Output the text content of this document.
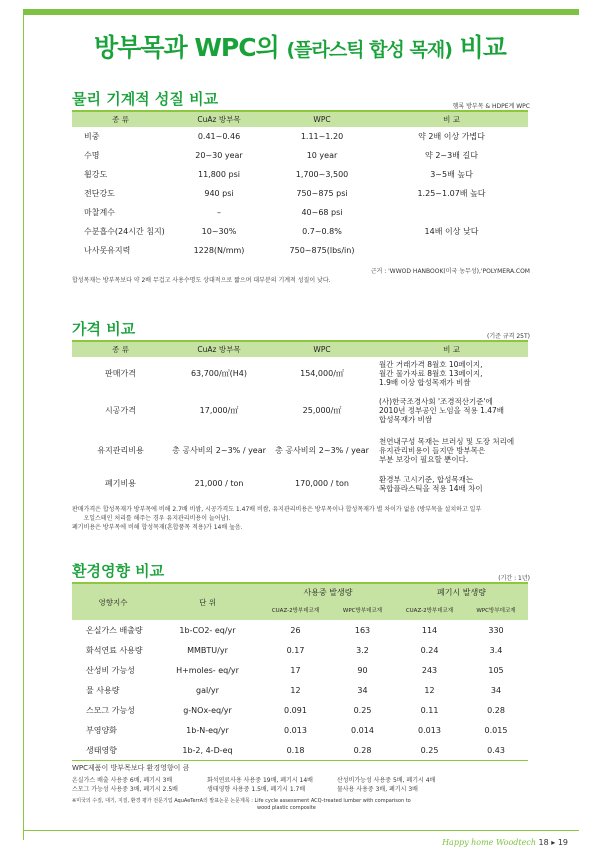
방부목과 WPC의 (플라스틱 합성 목재) 비교
물리 기계적 성질 비교	헴록 방부목 & HDPE계 WPC
종 류	CuAz 방부목	WPC	비 교
비중	0.41~0.46	1.11~1.20	약 2배 이상 가볍다
수명	20~30 year	10 year	약 2~3배 길다
휨강도	11,800 psi	1,700~3,500	3~5배 높다
전단강도	940 psi	750~875 psi	1.25~1.07배 높다
마찰계수	–	40~68 psi	
수분흡수(24시간 침지)	10~30%	0.7~0.8%	14배 이상 낮다
나사못유지력	1228(N/mm)	750~875(lbs/in)	
근거 : 'WWOD HANBOOK(미국 농무성),'POLYMERA.COM
합성목재는 방부목보다 약 2배 무겁고 사용수명도 상대적으로 짧으며 대부분의 기계적 성질이 낮다.
가격 비교	(기준 규격 25T)
종 류	CuAz 방부목	WPC	비 교
판매가격	63,700/㎥(H4)	154,000/㎡	월간 거래가격 8월호 10페이지,
월간 물가자료 8월호 13페이지,
1.9배 이상 합성목재가 비쌈

시공가격	17,000/㎡	25,000/㎡	(사)한국조경사회 '조경적산기준'에
2010년 정부공인 노임을 적용 1.47배
합성목재가 비쌈

유지관리비용	총 공사비의 2~3% / year	총 공사비의 2~3% / year	천연내구성 목재는 브러싱 및 도장 처리에
유지관리비용이 들지만 방부목은
부분 보강이 필요할 뿐이다.

폐기비용	21,000 / ton	170,000 / ton	환경부 고시기준, 합성목재는
복합플라스틱을 적용 14배 차이
판매가격은 합성목재가 방부목에 비해 2.7배 비쌈, 시공가격도 1.47배 비쌈, 유지관리비용은 방부목이나 합성목재가 별 차이가 없음 (방부목을 설치하고 일부
오일스테인 처리를 해주는 경우 유지관리비용이 늘어남).
폐기비용은 방부목에 비해 합성목재(혼합품목 적용)가 14배 높음.
환경영향 비교	(기간 : 1년)
영향지수	단 위	사용중 발생량		폐기시 발생량	
		CUAZ-2방부데코재	WPC방부데코재	CUAZ-2방부데코재	WPC방부데코재
온실가스 배출량	1b-CO2- eq/yr	26	163	114	330
화석연료 사용량	MMBTU/yr	0.17	3.2	0.24	3.4
산성비 가능성	H+moles- eq/yr	17	90	243	105
물 사용량	gal/yr	12	34	12	34
스모그 가능성	g-NOx-eq/yr	0.091	0.25	0.11	0.28
부영양화	1b-N-eq/yr	0.013	0.014	0.013	0.015
생태영향	1b-2, 4-D-eq	0.18	0.28	0.25	0.43
WPC제품이 방부목보다 환경영향이 큼
온실가스 배출 사용중 6배, 폐기시 3배	화석연료사용 사용중 19배, 폐기시 14배	산성비가능성 사용중 5배, 폐기시 4배
스모그 가능성 사용중 3배, 폐기시 2.5배	생태영향 사용중 1.5배, 폐기시 1.7배	물사용 사용중 3배, 폐기시 3배
※미국의 수질, 대기, 지질, 환경 평가 전문기업 AquAeTerrA의 발표논문 논문제목 : Life cycle assessment ACQ-treated lumber with comparison to
wood plastic composite
Happy home Woodtech 18 ▸ 19
